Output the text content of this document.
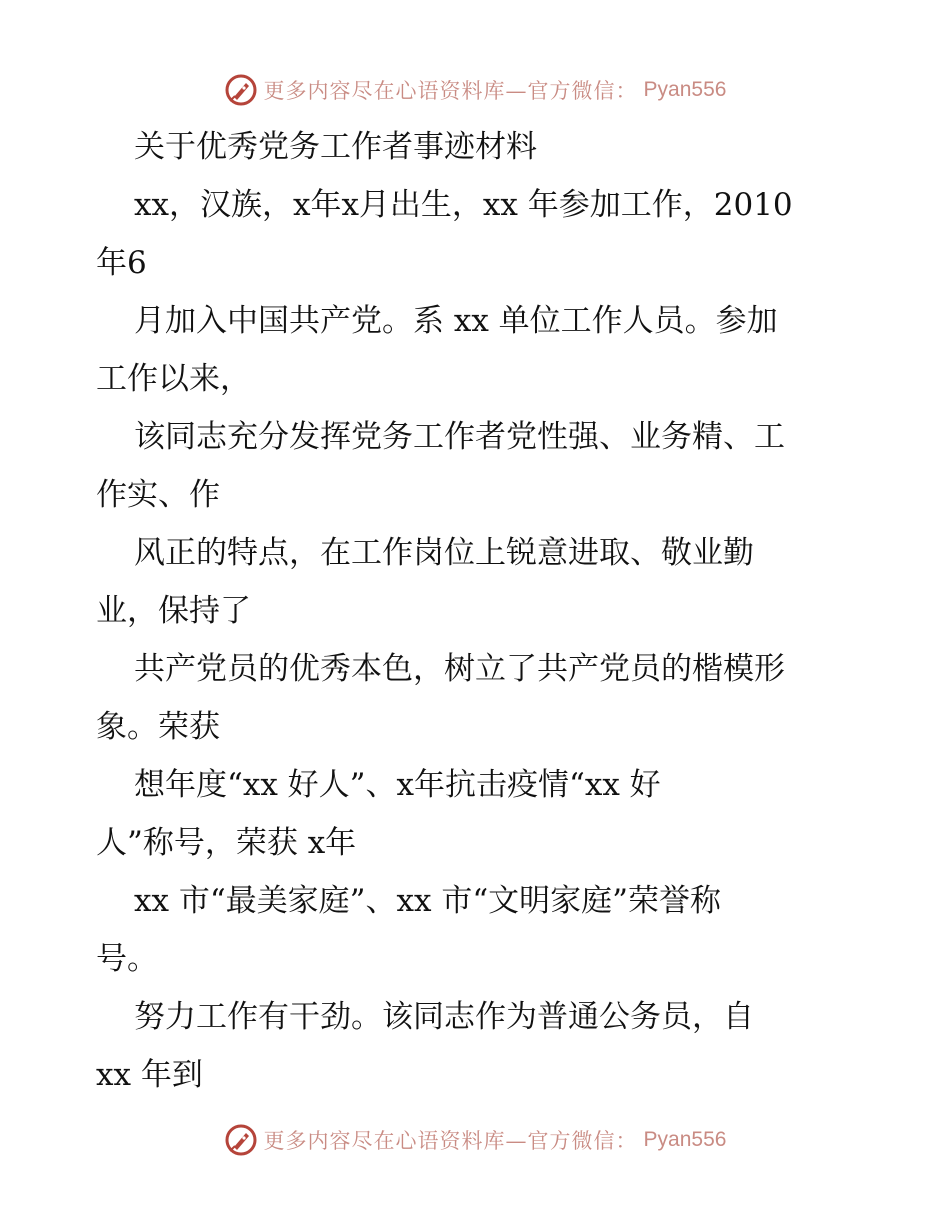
更多内容尽在心语资料库—官方微信： Pyan556
关于优秀党务工作者事迹材料
xx，汉族，x年x月出生，xx 年参加工作，2010
年6
月加入中国共产党。系 xx 单位工作人员。参加
工作以来，
该同志充分发挥党务工作者党性强、业务精、工
作实、作
风正的特点，在工作岗位上锐意进取、敬业勤
业，保持了
共产党员的优秀本色，树立了共产党员的楷模形
象。荣获
想年度“xx 好人”、x年抗击疫情“xx 好
人”称号，荣获 x年
xx 市“最美家庭”、xx 市“文明家庭”荣誉称
号。
努力工作有干劲。该同志作为普通公务员，自
xx 年到
更多内容尽在心语资料库—官方微信： Pyan556
